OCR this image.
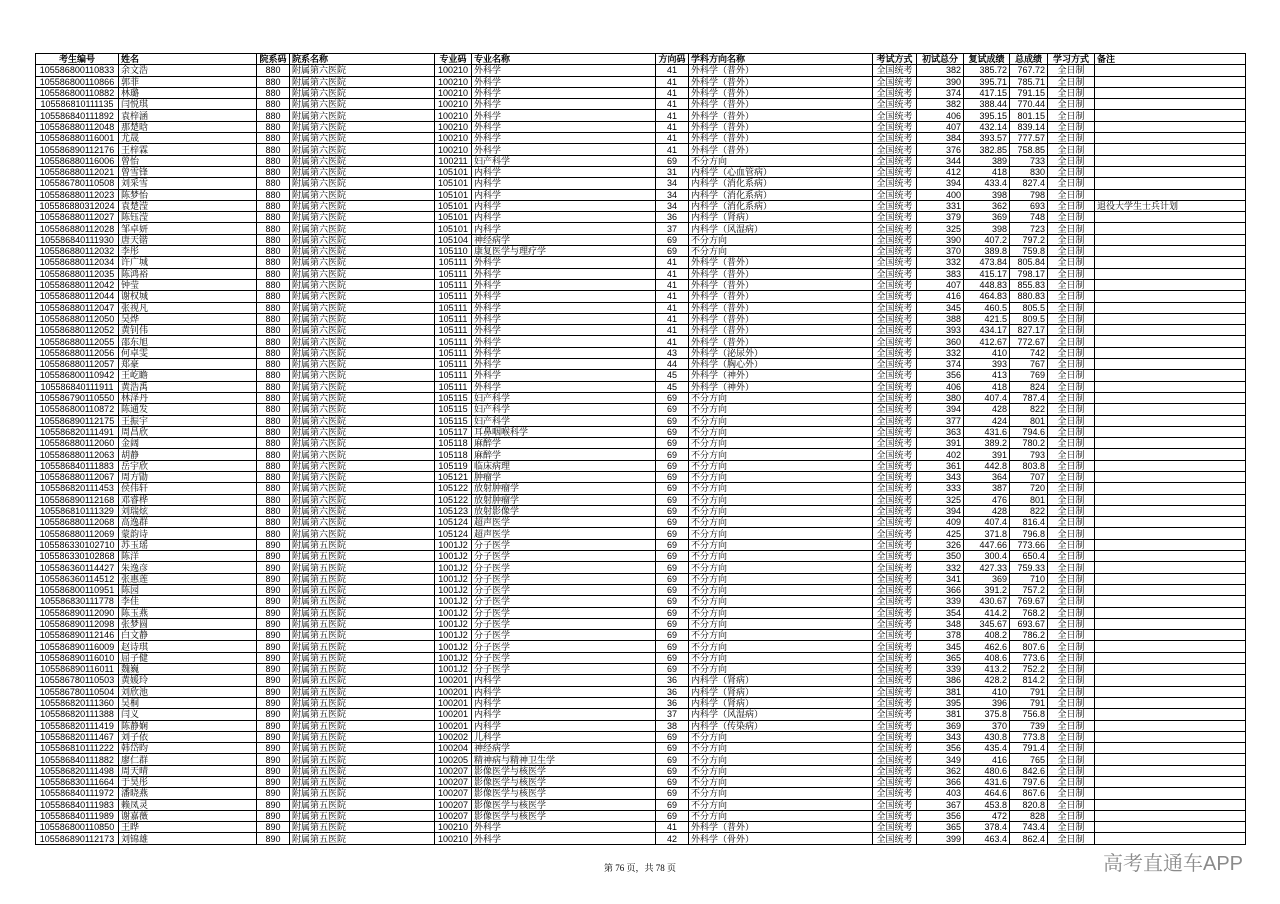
考生编号	姓名	院系码	院系名称	专业码	专业名称	方向码	学科方向名称	考试方式	初试总分	复试成绩	总成绩	学习方式	备注
105586800110833	余文浩	880	附属第六医院	100210	外科学	41	外科学（普外）	全国统考	382	385.72	767.72	全日制	
105586800110866	郭菲	880	附属第六医院	100210	外科学	41	外科学（普外）	全国统考	390	395.71	785.71	全日制	
105586800110882	林璐	880	附属第六医院	100210	外科学	41	外科学（普外）	全国统考	374	417.15	791.15	全日制	
105586810111135	闫悦琪	880	附属第六医院	100210	外科学	41	外科学（普外）	全国统考	382	388.44	770.44	全日制	
105586840111892	袁梓涵	880	附属第六医院	100210	外科学	41	外科学（普外）	全国统考	406	395.15	801.15	全日制	
105586880112048	那楚晗	880	附属第六医院	100210	外科学	41	外科学（普外）	全国统考	407	432.14	839.14	全日制	
105586880116001	尤晟	880	附属第六医院	100210	外科学	41	外科学（普外）	全国统考	384	393.57	777.57	全日制	
105586890112176	王梓霖	880	附属第六医院	100210	外科学	41	外科学（普外）	全国统考	376	382.85	758.85	全日制	
105586880116006	曾怡	880	附属第六医院	100211	妇产科学	69	不分方向	全国统考	344	389	733	全日制	
105586880112021	曾雪锋	880	附属第六医院	105101	内科学	31	内科学（心血管病）	全国统考	412	418	830	全日制	
105586780110508	刘采雪	880	附属第六医院	105101	内科学	34	内科学（消化系病）	全国统考	394	433.4	827.4	全日制	
105586880112023	陈梦怡	880	附属第六医院	105101	内科学	34	内科学（消化系病）	全国统考	400	398	798	全日制	
105586880312024	袁楚滢	880	附属第六医院	105101	内科学	34	内科学（消化系病）	全国统考	331	362	693	全日制	退役大学生士兵计划
105586880112027	陈钰滢	880	附属第六医院	105101	内科学	36	内科学（肾病）	全国统考	379	369	748	全日制	
105586880112028	邹卓妍	880	附属第六医院	105101	内科学	37	内科学（风湿病）	全国统考	325	398	723	全日制	
105586840111930	唐天锴	880	附属第六医院	105104	神经病学	69	不分方向	全国统考	390	407.2	797.2	全日制	
105586880112032	李彤	880	附属第六医院	105110	康复医学与理疗学	69	不分方向	全国统考	370	389.8	759.8	全日制	
105586880112034	许广城	880	附属第六医院	105111	外科学	41	外科学（普外）	全国统考	332	473.84	805.84	全日制	
105586880112035	陈鸿裕	880	附属第六医院	105111	外科学	41	外科学（普外）	全国统考	383	415.17	798.17	全日制	
105586880112042	钟莹	880	附属第六医院	105111	外科学	41	外科学（普外）	全国统考	407	448.83	855.83	全日制	
105586880112044	谢权城	880	附属第六医院	105111	外科学	41	外科学（普外）	全国统考	416	464.83	880.83	全日制	
105586880112047	张视凡	880	附属第六医院	105111	外科学	41	外科学（普外）	全国统考	345	460.5	805.5	全日制	
105586880112050	吴烨	880	附属第六医院	105111	外科学	41	外科学（普外）	全国统考	388	421.5	809.5	全日制	
105586880112052	黄钊伟	880	附属第六医院	105111	外科学	41	外科学（普外）	全国统考	393	434.17	827.17	全日制	
105586880112055	邵东旭	880	附属第六医院	105111	外科学	41	外科学（普外）	全国统考	360	412.67	772.67	全日制	
105586880112056	何卓雯	880	附属第六医院	105111	外科学	43	外科学（泌尿外）	全国统考	332	410	742	全日制	
105586880112057	郑豪	880	附属第六医院	105111	外科学	44	外科学（胸心外）	全国统考	374	393	767	全日制	
105586800110942	王屹瞻	880	附属第六医院	105111	外科学	45	外科学（神外）	全国统考	356	413	769	全日制	
105586840111911	黄浩禹	880	附属第六医院	105111	外科学	45	外科学（神外）	全国统考	406	418	824	全日制	
105586790110550	林泽丹	880	附属第六医院	105115	妇产科学	69	不分方向	全国统考	380	407.4	787.4	全日制	
105586800110872	陈通发	880	附属第六医院	105115	妇产科学	69	不分方向	全国统考	394	428	822	全日制	
105586890112175	王振宇	880	附属第六医院	105115	妇产科学	69	不分方向	全国统考	377	424	801	全日制	
105586820111491	周昌欣	880	附属第六医院	105117	耳鼻咽喉科学	69	不分方向	全国统考	363	431.6	794.6	全日制	
105586880112060	金阔	880	附属第六医院	105118	麻醉学	69	不分方向	全国统考	391	389.2	780.2	全日制	
105586880112063	胡静	880	附属第六医院	105118	麻醉学	69	不分方向	全国统考	402	391	793	全日制	
105586840111883	岳宇欣	880	附属第六医院	105119	临床病理	69	不分方向	全国统考	361	442.8	803.8	全日制	
105586880112067	周方勖	880	附属第六医院	105121	肿瘤学	69	不分方向	全国统考	343	364	707	全日制	
105586820111453	侯伟轩	880	附属第六医院	105122	放射肿瘤学	69	不分方向	全国统考	333	387	720	全日制	
105586890112168	邓睿桦	880	附属第六医院	105122	放射肿瘤学	69	不分方向	全国统考	325	476	801	全日制	
105586810111329	刘瑞炫	880	附属第六医院	105123	放射影像学	69	不分方向	全国统考	394	428	822	全日制	
105586880112068	高逸群	880	附属第六医院	105124	超声医学	69	不分方向	全国统考	409	407.4	816.4	全日制	
105586880112069	蒙韵诗	880	附属第六医院	105124	超声医学	69	不分方向	全国统考	425	371.8	796.8	全日制	
105586330102710	苏玉瑶	890	附属第五医院	1001J2	分子医学	69	不分方向	全国统考	326	447.66	773.66	全日制	
105586330102868	陈洋	890	附属第五医院	1001J2	分子医学	69	不分方向	全国统考	350	300.4	650.4	全日制	
105586360114427	朱逸彦	890	附属第五医院	1001J2	分子医学	69	不分方向	全国统考	332	427.33	759.33	全日制	
105586360114512	张惠莲	890	附属第五医院	1001J2	分子医学	69	不分方向	全国统考	341	369	710	全日制	
105586800110951	陈园	890	附属第五医院	1001J2	分子医学	69	不分方向	全国统考	366	391.2	757.2	全日制	
105586830111778	李佳	890	附属第五医院	1001J2	分子医学	69	不分方向	全国统考	339	430.67	769.67	全日制	
105586890112090	陈玉燕	890	附属第五医院	1001J2	分子医学	69	不分方向	全国统考	354	414.2	768.2	全日制	
105586890112098	张梦圆	890	附属第五医院	1001J2	分子医学	69	不分方向	全国统考	348	345.67	693.67	全日制	
105586890112146	白文静	890	附属第五医院	1001J2	分子医学	69	不分方向	全国统考	378	408.2	786.2	全日制	
105586890116009	赵诗琪	890	附属第五医院	1001J2	分子医学	69	不分方向	全国统考	345	462.6	807.6	全日制	
105586890116010	屈子健	890	附属第五医院	1001J2	分子医学	69	不分方向	全国统考	365	408.6	773.6	全日制	
105586890116011	魏巍	890	附属第五医院	1001J2	分子医学	69	不分方向	全国统考	339	413.2	752.2	全日制	
105586780110503	黄媛玲	890	附属第五医院	100201	内科学	36	内科学（肾病）	全国统考	386	428.2	814.2	全日制	
105586780110504	刘欣池	890	附属第五医院	100201	内科学	36	内科学（肾病）	全国统考	381	410	791	全日制	
105586820111360	吴桐	890	附属第五医院	100201	内科学	36	内科学（肾病）	全国统考	395	396	791	全日制	
105586820111388	闫义	890	附属第五医院	100201	内科学	37	内科学（风湿病）	全国统考	381	375.8	756.8	全日制	
105586820111419	陈静娴	890	附属第五医院	100201	内科学	38	内科学（传染病）	全国统考	369	370	739	全日制	
105586820111467	刘子依	890	附属第五医院	100202	儿科学	69	不分方向	全国统考	343	430.8	773.8	全日制	
105586810111222	韩岱昀	890	附属第五医院	100204	神经病学	69	不分方向	全国统考	356	435.4	791.4	全日制	
105586840111882	廖仁群	890	附属第五医院	100205	精神病与精神卫生学	69	不分方向	全国统考	349	416	765	全日制	
105586820111498	周天晴	890	附属第五医院	100207	影像医学与核医学	69	不分方向	全国统考	362	480.6	842.6	全日制	
105586830111664	于昊彤	890	附属第五医院	100207	影像医学与核医学	69	不分方向	全国统考	366	431.6	797.6	全日制	
105586840111972	潘晓燕	890	附属第五医院	100207	影像医学与核医学	69	不分方向	全国统考	403	464.6	867.6	全日制	
105586840111983	赖凤灵	890	附属第五医院	100207	影像医学与核医学	69	不分方向	全国统考	367	453.8	820.8	全日制	
105586840111989	谢嘉薇	890	附属第五医院	100207	影像医学与核医学	69	不分方向	全国统考	356	472	828	全日制	
105586800110850	王晔	890	附属第五医院	100210	外科学	41	外科学（普外）	全国统考	365	378.4	743.4	全日制	
105586890112173	刘锦雄	890	附属第五医院	100210	外科学	42	外科学（骨外）	全国统考	399	463.4	862.4	全日制	
第 76 页，共 78 页	高考直通车APP
